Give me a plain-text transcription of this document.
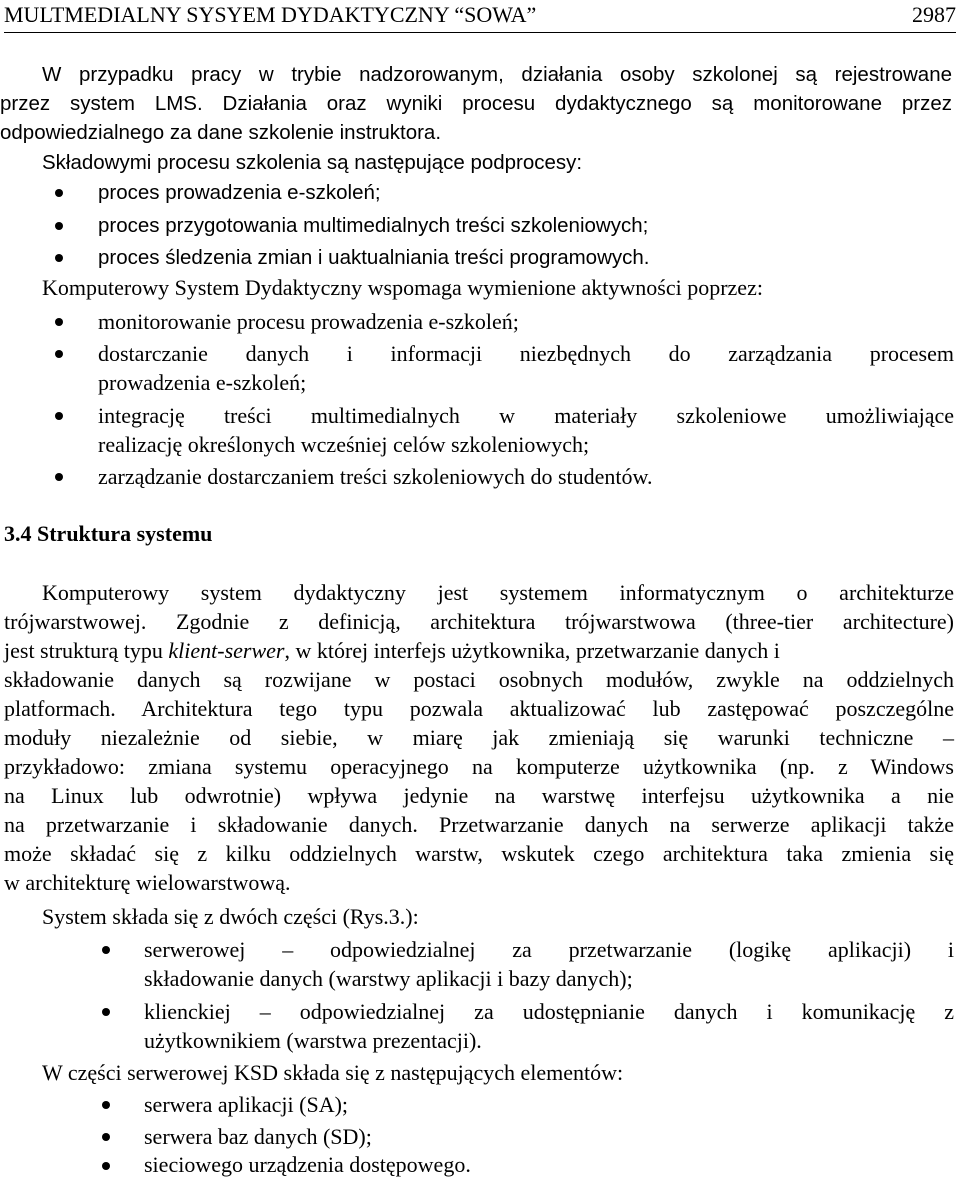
MULTMEDIALNY SYSYEM DYDAKTYCZNY “SOWA”	2987
W przypadku pracy w trybie nadzorowanym, działania osoby szkolonej są rejestrowane
przez system LMS. Działania oraz wyniki procesu dydaktycznego są monitorowane przez
odpowiedzialnego za dane szkolenie instruktora.
Składowymi procesu szkolenia są następujące podprocesy:
proces prowadzenia e-szkoleń;
proces przygotowania multimedialnych treści szkoleniowych;
proces śledzenia zmian i uaktualniania treści programowych.
Komputerowy System Dydaktyczny wspomaga wymienione aktywności poprzez:
monitorowanie procesu prowadzenia e-szkoleń;
dostarczanie danych i informacji niezbędnych do zarządzania procesem
prowadzenia e-szkoleń;
integrację treści multimedialnych w materiały szkoleniowe umożliwiające
realizację określonych wcześniej celów szkoleniowych;
zarządzanie dostarczaniem treści szkoleniowych do studentów.
3.4 Struktura systemu
Komputerowy system dydaktyczny jest systemem informatycznym o architekturze
trójwarstwowej. Zgodnie z definicją, architektura trójwarstwowa (three-tier architecture)
jest strukturą typu klient-serwer, w której interfejs użytkownika, przetwarzanie danych i
składowanie danych są rozwijane w postaci osobnych modułów, zwykle na oddzielnych
platformach. Architektura tego typu pozwala aktualizować lub zastępować poszczególne
moduły niezależnie od siebie, w miarę jak zmieniają się warunki techniczne –
przykładowo: zmiana systemu operacyjnego na komputerze użytkownika (np. z Windows
na Linux lub odwrotnie) wpływa jedynie na warstwę interfejsu użytkownika a nie
na przetwarzanie i składowanie danych. Przetwarzanie danych na serwerze aplikacji także
może składać się z kilku oddzielnych warstw, wskutek czego architektura taka zmienia się
w architekturę wielowarstwową.
System składa się z dwóch części (Rys.3.):
serwerowej – odpowiedzialnej za przetwarzanie (logikę aplikacji) i
składowanie danych (warstwy aplikacji i bazy danych);
klienckiej – odpowiedzialnej za udostępnianie danych i komunikację z
użytkownikiem (warstwa prezentacji).
W części serwerowej KSD składa się z następujących elementów:
serwera aplikacji (SA);
serwera baz danych (SD);
sieciowego urządzenia dostępowego.
